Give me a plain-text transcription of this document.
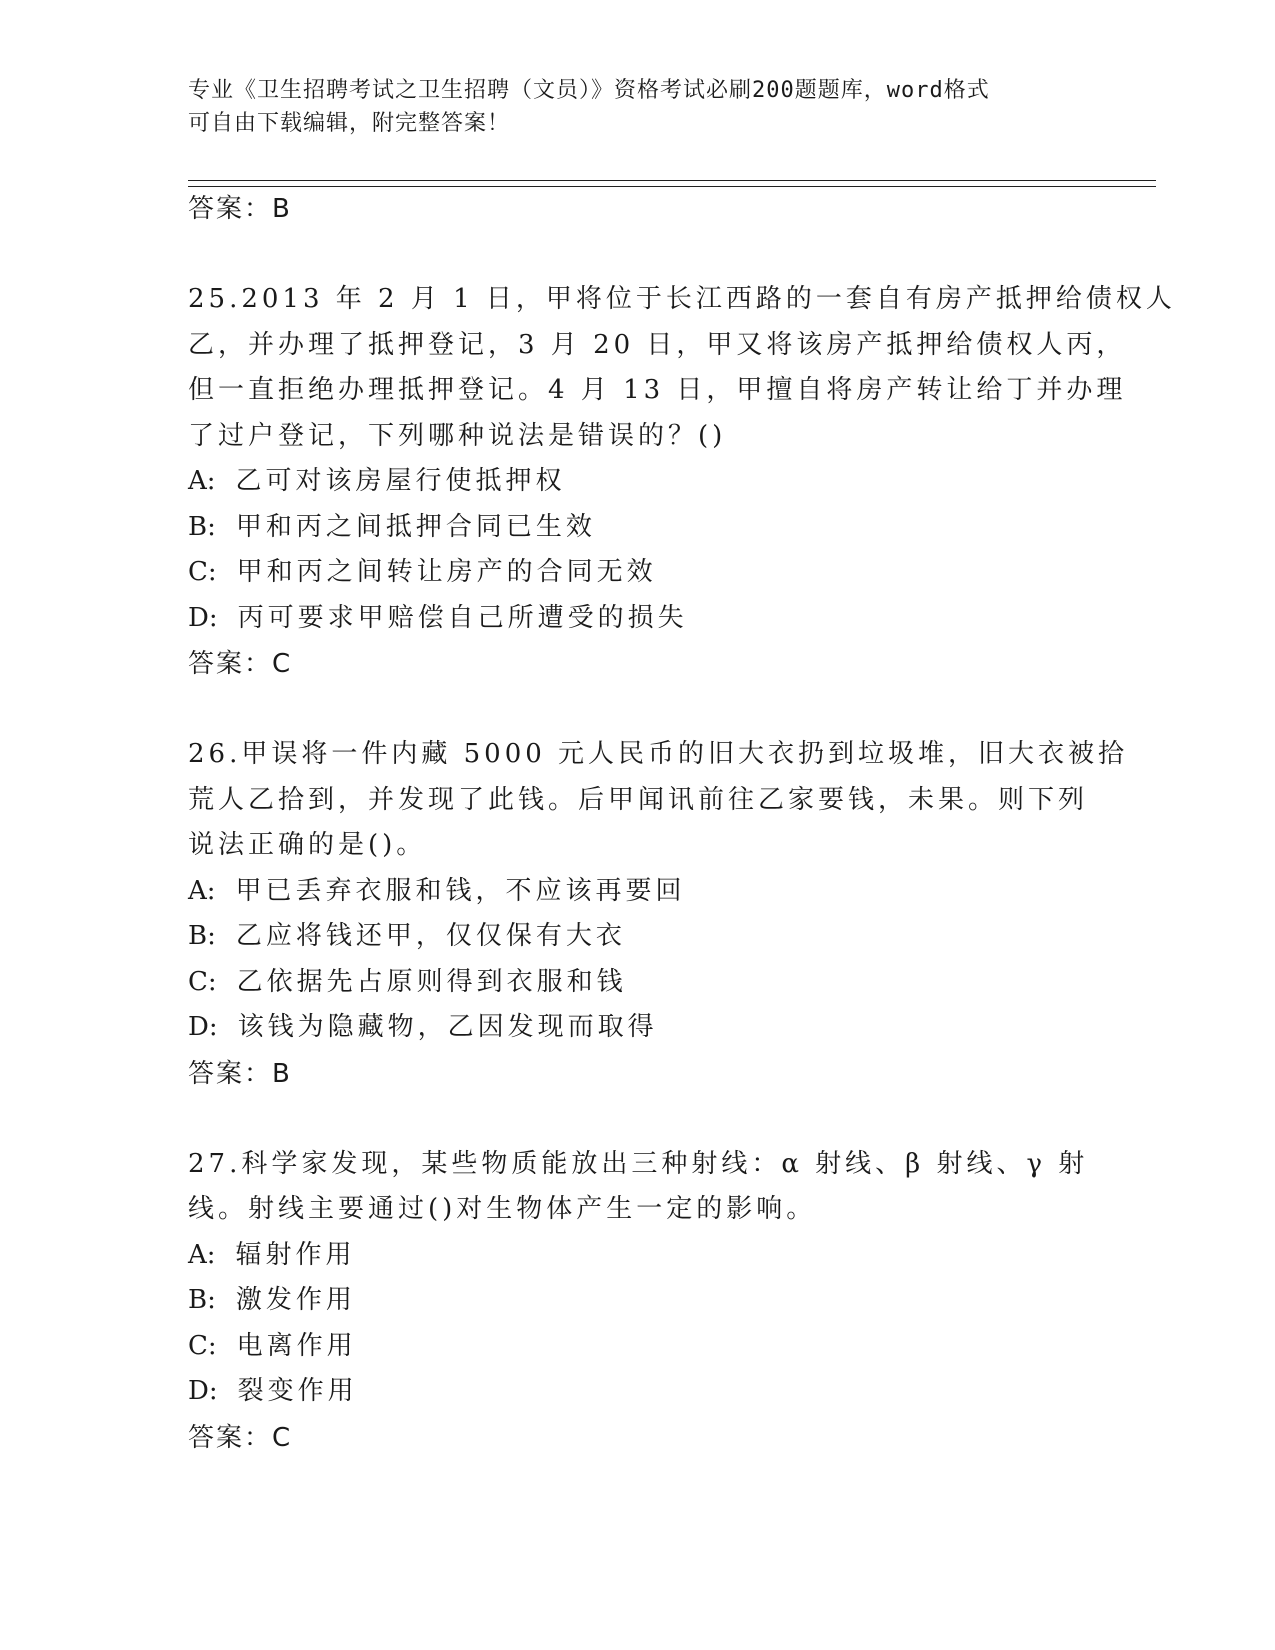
专业《卫生招聘考试之卫生招聘（文员）》资格考试必刷200题题库，word格式
可自由下载编辑，附完整答案！
答案：B
25.2013 年 2 月 1 日，甲将位于长江西路的一套自有房产抵押给债权人
乙，并办理了抵押登记，3 月 20 日，甲又将该房产抵押给债权人丙，
但一直拒绝办理抵押登记。4 月 13 日，甲擅自将房产转让给丁并办理
了过户登记，下列哪种说法是错误的？()
A: 乙可对该房屋行使抵押权
B: 甲和丙之间抵押合同已生效
C: 甲和丙之间转让房产的合同无效
D: 丙可要求甲赔偿自己所遭受的损失
答案：C
26.甲误将一件内藏 5000 元人民币的旧大衣扔到垃圾堆，旧大衣被拾
荒人乙拾到，并发现了此钱。后甲闻讯前往乙家要钱，未果。则下列
说法正确的是()。
A: 甲已丢弃衣服和钱，不应该再要回
B: 乙应将钱还甲，仅仅保有大衣
C: 乙依据先占原则得到衣服和钱
D: 该钱为隐藏物，乙因发现而取得
答案：B
27.科学家发现，某些物质能放出三种射线：α 射线、β 射线、γ 射
线。射线主要通过()对生物体产生一定的影响。
A: 辐射作用
B: 激发作用
C: 电离作用
D: 裂变作用
答案：C
